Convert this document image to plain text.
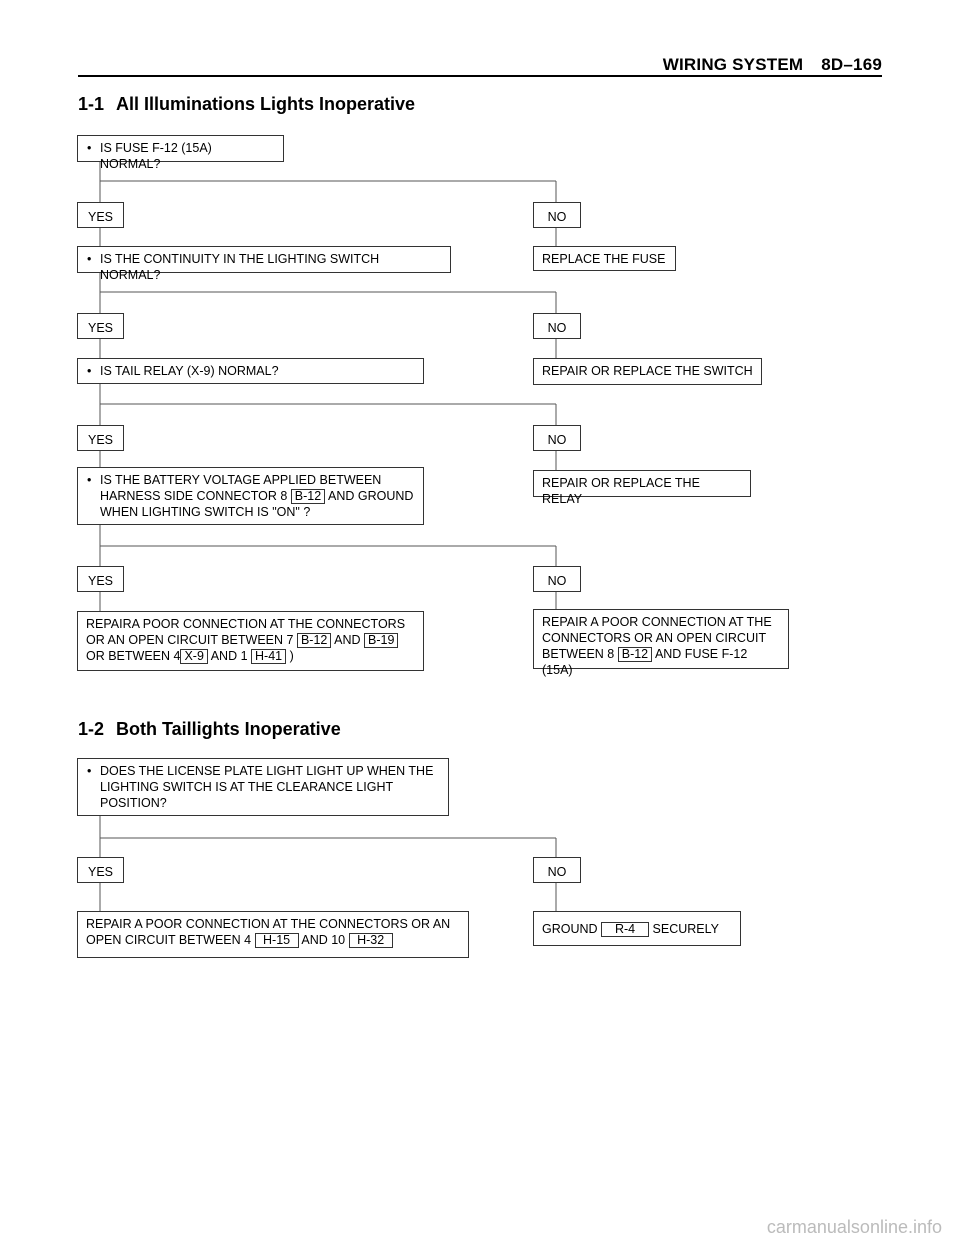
WIRING SYSTEM 8D–169
1-1 All Illuminations Lights Inoperative
• IS FUSE F-12 (15A) NORMAL?
YES	NO
• IS THE CONTINUITY IN THE LIGHTING SWITCH NORMAL?
REPLACE THE FUSE
YES	NO
• IS TAIL RELAY (X-9) NORMAL?	REPAIR OR REPLACE THE SWITCH
YES	NO
• IS THE BATTERY VOLTAGE APPLIED BETWEEN
HARNESS SIDE CONNECTOR 8 B-12 AND GROUND
WHEN LIGHTING SWITCH IS "ON" ?
REPAIR OR REPLACE THE RELAY
YES	NO
REPAIRA POOR CONNECTION AT THE CONNECTORS
OR AN OPEN CIRCUIT BETWEEN 7 B-12 AND B-19
OR BETWEEN 4 X-9 AND 1 H-41 )
REPAIR A POOR CONNECTION AT THE
CONNECTORS OR AN OPEN CIRCUIT
BETWEEN 8 B-12 AND FUSE F-12 (15A)
1-2 Both Taillights Inoperative
• DOES THE LICENSE PLATE LIGHT LIGHT UP WHEN THE
LIGHTING SWITCH IS AT THE CLEARANCE LIGHT
POSITION?
YES	NO
REPAIR A POOR CONNECTION AT THE CONNECTORS OR AN
OPEN CIRCUIT BETWEEN 4 H-15 AND 10 H-32
GROUND R-4 SECURELY
carmanualsonline.info
